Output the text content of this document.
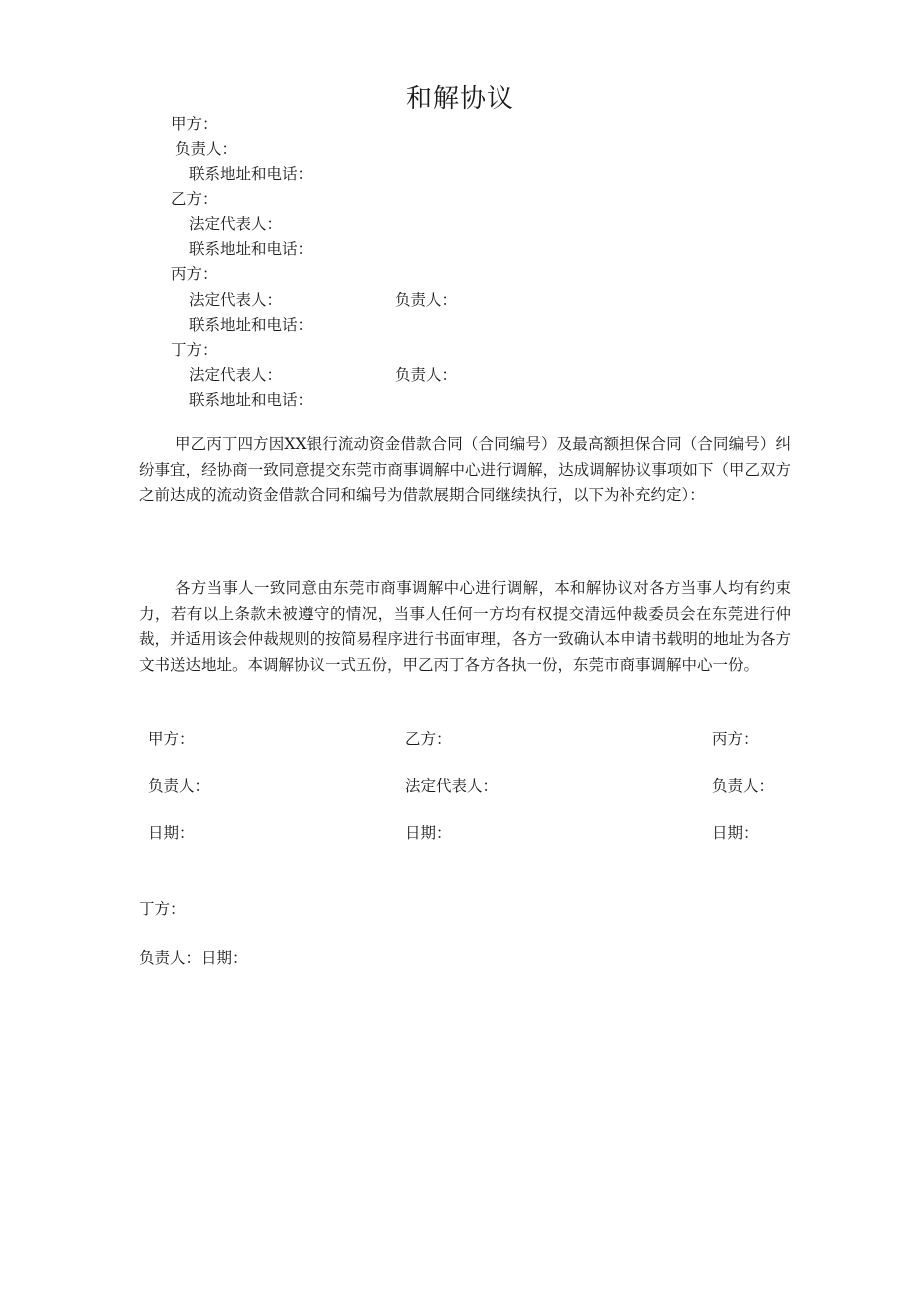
和解协议
甲方：
负责人：
联系地址和电话：
乙方：
法定代表人：
联系地址和电话：
丙方：
法定代表人：	负责人：
联系地址和电话：
丁方：
法定代表人：	负责人：
联系地址和电话：
甲乙丙丁四方因XX银行流动资金借款合同（合同编号）及最高额担保合同（合同编号）纠纷事宜，经协商一致同意提交东莞市商事调解中心进行调解，达成调解协议事项如下（甲乙双方之前达成的流动资金借款合同和编号为借款展期合同继续执行，以下为补充约定）：
各方当事人一致同意由东莞市商事调解中心进行调解，本和解协议对各方当事人均有约束力，若有以上条款未被遵守的情况，当事人任何一方均有权提交清远仲裁委员会在东莞进行仲裁，并适用该会仲裁规则的按简易程序进行书面审理，各方一致确认本申请书载明的地址为各方文书送达地址。本调解协议一式五份，甲乙丙丁各方各执一份，东莞市商事调解中心一份。
甲方：	乙方：	丙方：
负责人：	法定代表人：	负责人：
日期：	日期：	日期：
丁方：
负责人：日期：
